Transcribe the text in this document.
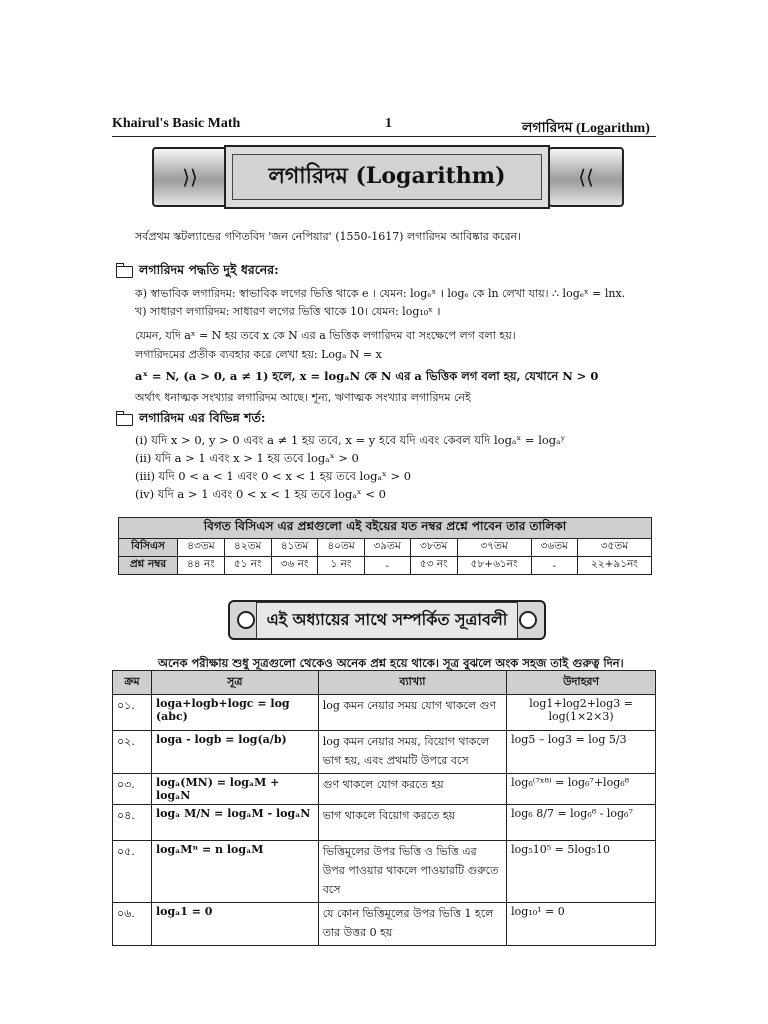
Khairul's Basic Math	1	লগারিদম (Logarithm)
⟩⟩	লগারিদম (Logarithm)	⟨⟨
সর্বপ্রথম স্কটল্যান্ডের গণিতবিদ 'জন নেপিয়ার' (1550-1617) লগারিদম আবিষ্কার করেন।
লগারিদম পদ্ধতি দুই ধরনের:
ক) স্বাভাবিক লগারিদম: স্বাভাবিক লগের ভিত্তি থাকে e । যেমন: logₑˣ । logₑ কে ln লেখা যায়। ∴ logₑˣ = lnx.
খ) সাধারণ লগারিদম: সাধারণ লগের ভিত্তি থাকে 10। যেমন: log₁₀ˣ ।
যেমন, যদি aˣ = N হয় তবে x কে N এর a ভিত্তিক লগারিদম বা সংক্ষেপে লগ বলা হয়।
লগারিদমের প্রতীক ব্যবহার করে লেখা হয়: Logₐ N = x
aˣ = N, (a > 0, a ≠ 1) হলে, x = logₐN কে N এর a ভিত্তিক লগ বলা হয়, যেখানে N > 0
অর্থাৎ ধনাত্মক সংখ্যার লগারিদম আছে। শূন্য, ঋণাত্মক সংখ্যার লগারিদম নেই
লগারিদম এর বিভিন্ন শর্ত:
(i) যদি x > 0, y > 0 এবং a ≠ 1 হয় তবে, x = y হবে যদি এবং কেবল যদি logₐˣ = logₐʸ
(ii) যদি a > 1 এবং x > 1 হয় তবে logₐˣ > 0
(iii) যদি 0 < a < 1 এবং 0 < x < 1 হয় তবে logₐˣ > 0
(iv) যদি a > 1 এবং 0 < x < 1 হয় তবে logₐˣ < 0
বিগত বিসিএস এর প্রশ্নগুলো এই বইয়ের যত নম্বর প্রশ্নে পাবেন তার তালিকা									
বিসিএস	৪৩তম	৪২তম	৪১তম	৪০তম	৩৯তম	৩৮তম	৩৭তম	৩৬তম	৩৫তম
প্রশ্ন নম্বর	৪৪ নং	৫১ নং	৩৬ নং	১ নং	-	৫৩ নং	৫৮+৬১নং	-	২২+৯১নং
এই অধ্যায়ের সাথে সম্পর্কিত সূত্রাবলী
অনেক পরীক্ষায় শুধু সূত্রগুলো থেকেও অনেক প্রশ্ন হয়ে থাকে। সূত্র বুঝলে অংক সহজ তাই গুরুত্ব দিন।
ক্রম	সূত্র	ব্যাখ্যা	উদাহরণ
০১.	loga+logb+logc = log (abc)	log কমন নেয়ার সময় যোগ থাকলে গুণ	log1+log2+log3 = log(1×2×3)
০২.	loga - logb = log(a/b)	log কমন নেয়ার সময়, বিয়োগ থাকলে ভাগ হয়, এবং প্রথমটি উপরে বসে	log5 – log3 = log 5/3
০৩.	logₐ(MN) = logₐM + logₐN	গুণ থাকলে যোগ করতে হয়	log₆⁽⁷ˣ⁸⁾ = log₆⁷+log₆⁸
০৪.	logₐ M/N = logₐM - logₐN	ভাগ থাকলে বিয়োগ করতে হয়	log₆ 8/7 = log₆⁸ - log₆⁷
০৫.	logₐMⁿ = n logₐM	ভিত্তিমূলের উপর ভিত্তি ও ভিত্তি এর উপর পাওয়ার থাকলে পাওয়ারটি গুরুতে বসে	log₅10⁵ = 5log₅10
০৬.	logₐ1 = 0	যে কোন ভিত্তিমূলের উপর ভিত্তি 1 হলে তার উত্তর 0 হয়	log₁₀¹ = 0
